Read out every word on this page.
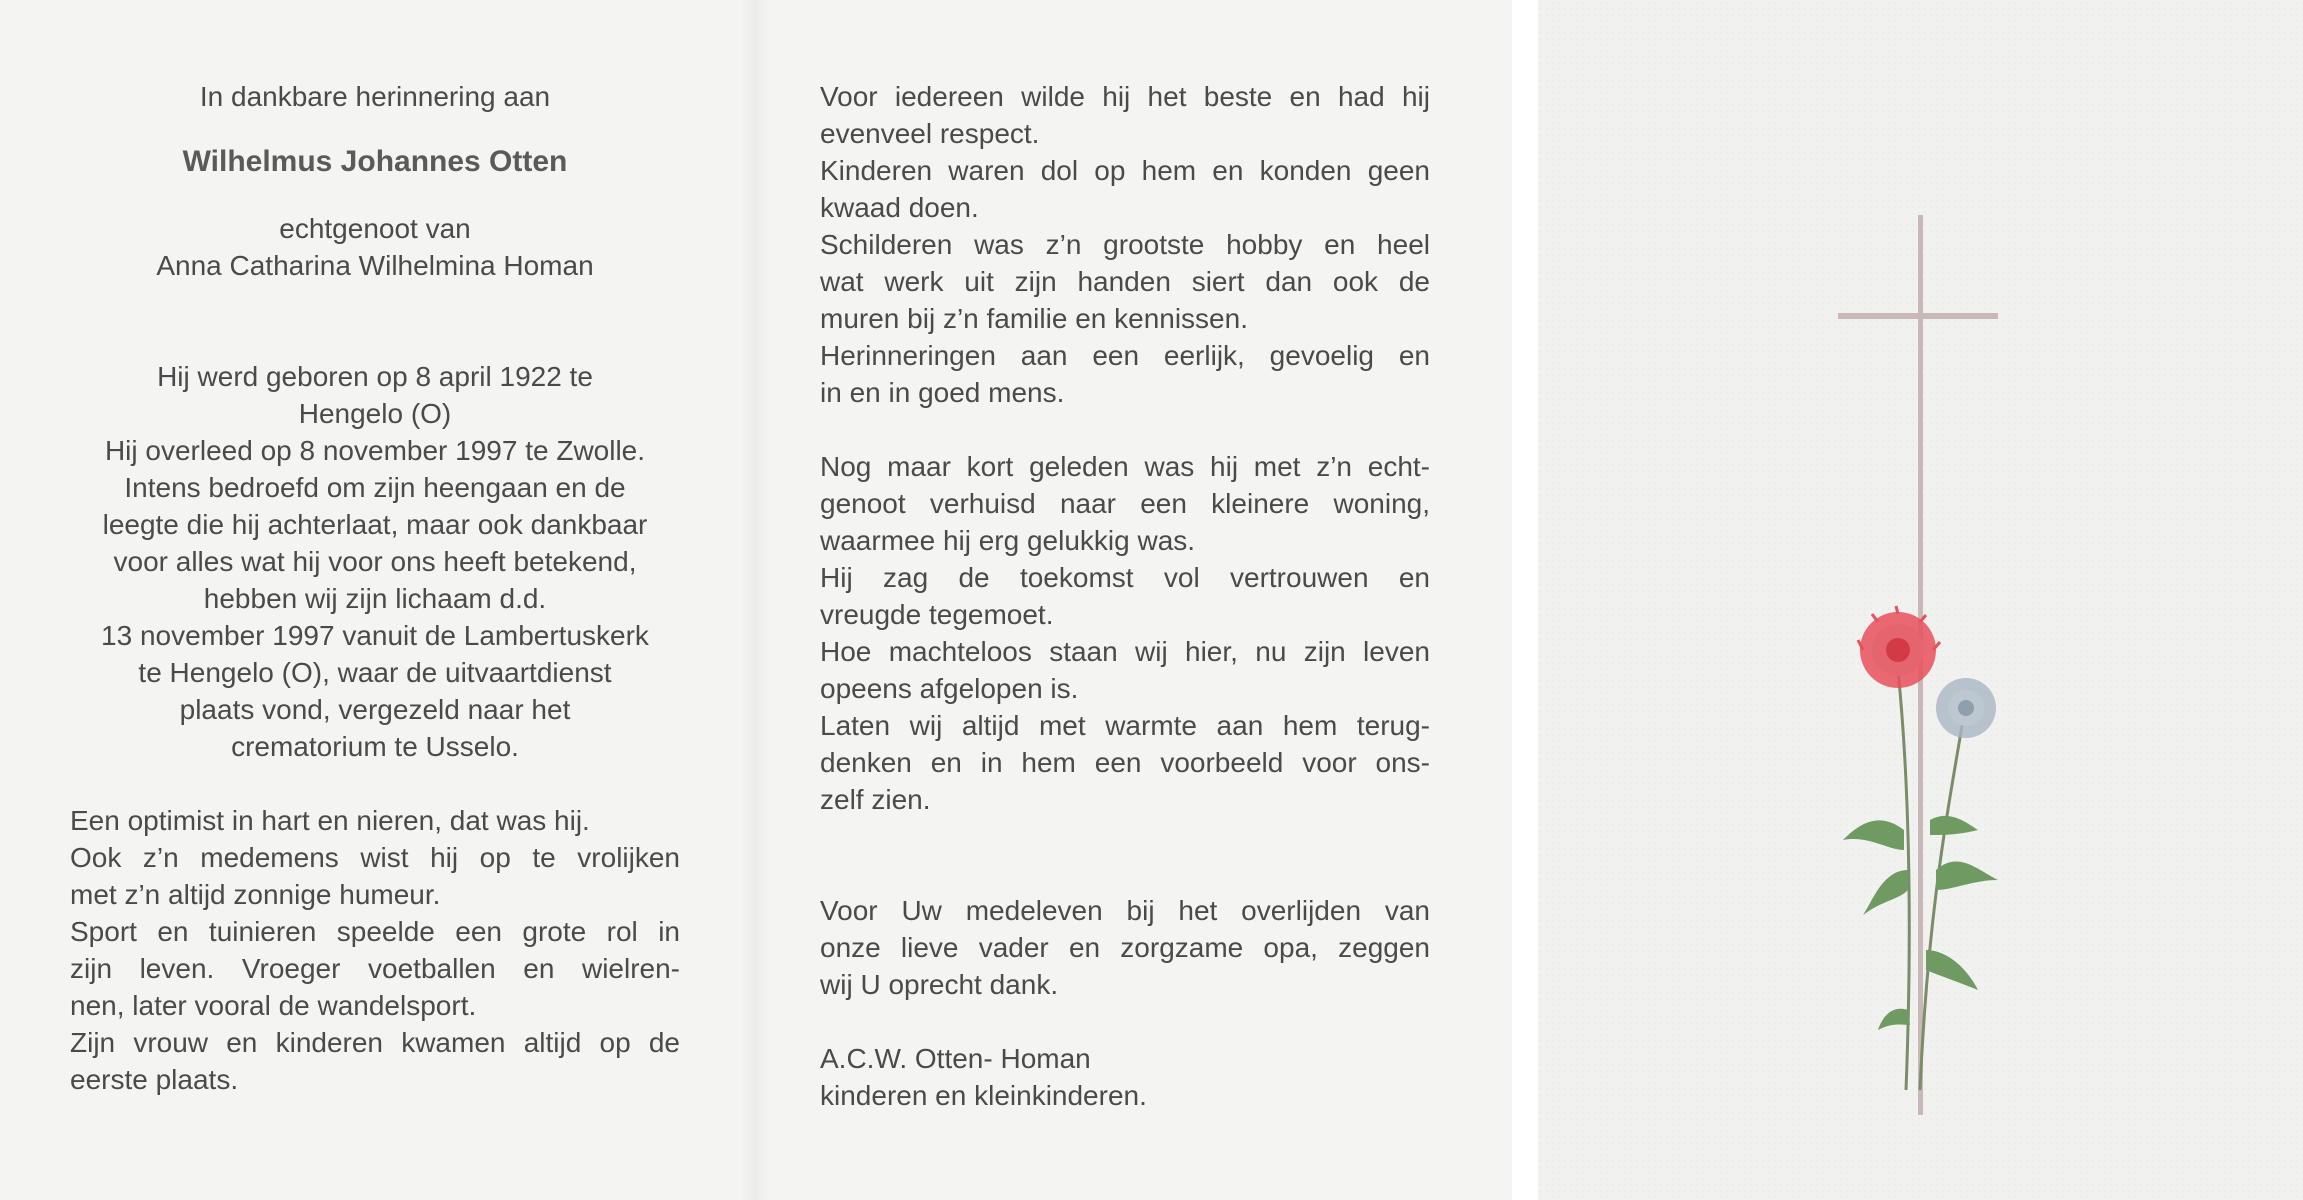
In dankbare herinnering aan
Wilhelmus Johannes Otten
echtgenoot van
Anna Catharina Wilhelmina Homan
Hij werd geboren op 8 april 1922 te
Hengelo (O)
Hij overleed op 8 november 1997 te Zwolle.
Intens bedroefd om zijn heengaan en de
leegte die hij achterlaat, maar ook dankbaar
voor alles wat hij voor ons heeft betekend,
hebben wij zijn lichaam d.d.
13 november 1997 vanuit de Lambertuskerk
te Hengelo (O), waar de uitvaartdienst
plaats vond, vergezeld naar het
crematorium te Usselo.
Een optimist in hart en nieren, dat was hij.
Ook z’n medemens wist hij op te vrolijken
met z’n altijd zonnige humeur.
Sport en tuinieren speelde een grote rol in
zijn leven. Vroeger voetballen en wielren-
nen, later vooral de wandelsport.
Zijn vrouw en kinderen kwamen altijd op de
eerste plaats.
Voor iedereen wilde hij het beste en had hij
evenveel respect.
Kinderen waren dol op hem en konden geen
kwaad doen.
Schilderen was z’n grootste hobby en heel
wat werk uit zijn handen siert dan ook de
muren bij z’n familie en kennissen.
Herinneringen aan een eerlijk, gevoelig en
in en in goed mens.
Nog maar kort geleden was hij met z’n echt-
genoot verhuisd naar een kleinere woning,
waarmee hij erg gelukkig was.
Hij zag de toekomst vol vertrouwen en
vreugde tegemoet.
Hoe machteloos staan wij hier, nu zijn leven
opeens afgelopen is.
Laten wij altijd met warmte aan hem terug-
denken en in hem een voorbeeld voor ons-
zelf zien.
Voor Uw medeleven bij het overlijden van
onze lieve vader en zorgzame opa, zeggen
wij U oprecht dank.
A.C.W. Otten- Homan
kinderen en kleinkinderen.
